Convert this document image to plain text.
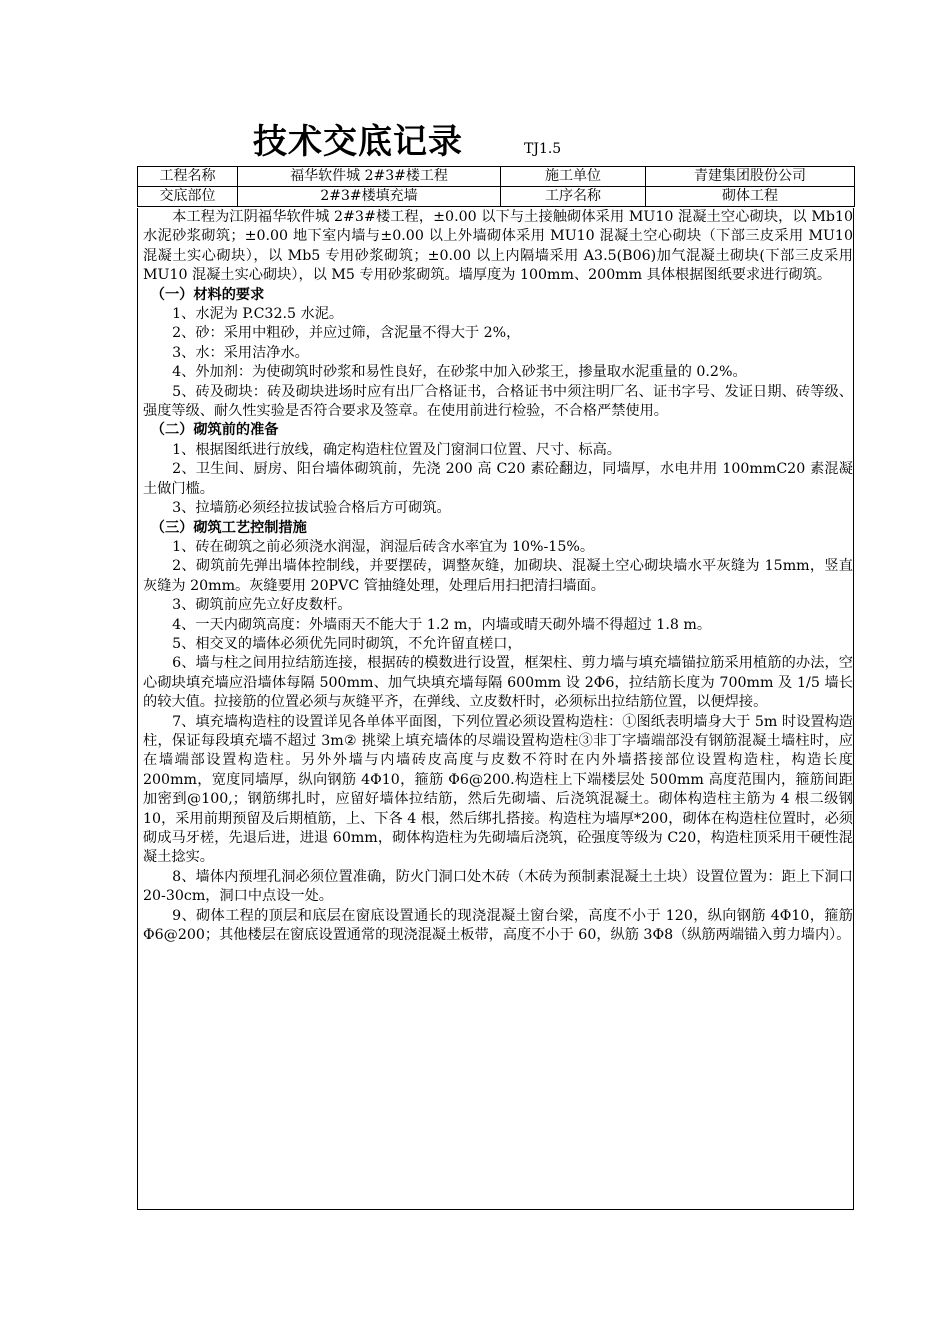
技术交底记录	TJ1.5
工程名称	福华软件城 2#3#楼工程	施工单位	青建集团股份公司
交底部位	2#3#楼填充墙	工序名称	砌体工程

本工程为江阴福华软件城 2#3#楼工程，±0.00 以下与土接触砌体采用 MU10 混凝土空心砌块，以 Mb10 水泥砂浆砌筑；±0.00 地下室内墙与±0.00 以上外墙砌体采用 MU10 混凝土空心砌块（下部三皮采用 MU10 混凝土实心砌块），以 Mb5 专用砂浆砌筑；±0.00 以上内隔墙采用 A3.5(B06)加气混凝土砌块(下部三皮采用 MU10 混凝土实心砌块），以 M5 专用砂浆砌筑。墙厚度为 100mm、200mm 具体根据图纸要求进行砌筑。

（一）材料的要求

1、水泥为 P.C32.5 水泥。

2、砂：采用中粗砂，并应过筛，含泥量不得大于 2%，

3、水：采用洁净水。

4、外加剂：为使砌筑时砂浆和易性良好，在砂浆中加入砂浆王，掺量取水泥重量的 0.2%。

5、砖及砌块：砖及砌块进场时应有出厂合格证书，合格证书中须注明厂名、证书字号、发证日期、砖等级、强度等级、耐久性实验是否符合要求及签章。在使用前进行检验，不合格严禁使用。

（二）砌筑前的准备

1、根据图纸进行放线，确定构造柱位置及门窗洞口位置、尺寸、标高。

2、卫生间、厨房、阳台墙体砌筑前，先浇 200 高 C20 素砼翻边，同墙厚，水电井用 100mmC20 素混凝土做门槛。

3、拉墙筋必须经拉拔试验合格后方可砌筑。

（三）砌筑工艺控制措施

1、砖在砌筑之前必须浇水润湿，润湿后砖含水率宜为 10%-15%。

2、砌筑前先弹出墙体控制线，并要摆砖，调整灰缝，加砌块、混凝土空心砌块墙水平灰缝为 15mm，竖直灰缝为 20mm。灰缝要用 20PVC 管抽缝处理，处理后用扫把清扫墙面。

3、砌筑前应先立好皮数杆。

4、一天内砌筑高度：外墙雨天不能大于 1.2 m，内墙或晴天砌外墙不得超过 1.8 m。

5、相交叉的墙体必须优先同时砌筑，不允许留直槎口，

6、墙与柱之间用拉结筋连接，根据砖的模数进行设置，框架柱、剪力墙与填充墙锚拉筋采用植筋的办法，空心砌块填充墙应沿墙体每隔 500mm、加气块填充墙每隔 600mm 设 2Φ6，拉结筋长度为 700mm 及 1/5 墙长的较大值。拉接筋的位置必须与灰缝平齐，在弹线、立皮数杆时，必须标出拉结筋位置，以便焊接。

7、填充墙构造柱的设置详见各单体平面图，下列位置必须设置构造柱：①图纸表明墙身大于 5m 时设置构造柱，保证每段填充墙不超过 3m② 挑梁上填充墙体的尽端设置构造柱③非丁字墙端部没有钢筋混凝土墙柱时，应在墙端部设置构造柱。另外外墙与内墙砖皮高度与皮数不符时在内外墙搭接部位设置构造柱，构造长度 200mm，宽度同墙厚，纵向钢筋 4Φ10，箍筋 Φ6@200.构造柱上下端楼层处 500mm 高度范围内，箍筋间距加密到@100,；钢筋绑扎时，应留好墙体拉结筋，然后先砌墙、后浇筑混凝土。砌体构造柱主筋为 4 根二级钢 10，采用前期预留及后期植筋，上、下各 4 根，然后绑扎搭接。构造柱为墙厚*200，砌体在构造柱位置时，必须砌成马牙槎，先退后进，进退 60mm，砌体构造柱为先砌墙后浇筑，砼强度等级为 C20，构造柱顶采用干硬性混凝土捻实。

8、墙体内预埋孔洞必须位置准确，防火门洞口处木砖（木砖为预制素混凝土土块）设置位置为：距上下洞口 20-30cm，洞口中点设一处。

9、砌体工程的顶层和底层在窗底设置通长的现浇混凝土窗台梁，高度不小于 120，纵向钢筋 4Φ10，箍筋 Φ6@200；其他楼层在窗底设置通常的现浇混凝土板带，高度不小于 60，纵筋 3Φ8（纵筋两端锚入剪力墙内）。
